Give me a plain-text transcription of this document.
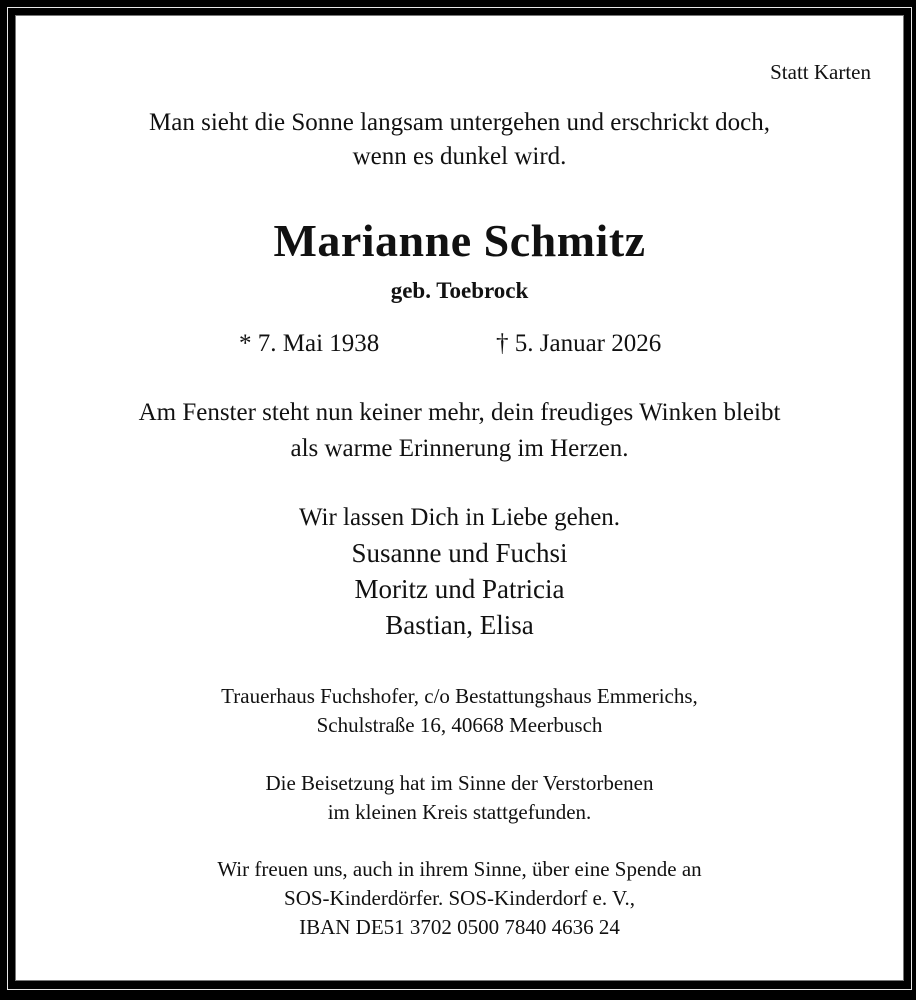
Statt Karten
Man sieht die Sonne langsam untergehen und erschrickt doch,
wenn es dunkel wird.
Marianne Schmitz
geb. Toebrock
* 7. Mai 1938	† 5. Januar 2026
Am Fenster steht nun keiner mehr, dein freudiges Winken bleibt
als warme Erinnerung im Herzen.
Wir lassen Dich in Liebe gehen.
Susanne und Fuchsi
Moritz und Patricia
Bastian, Elisa
Trauerhaus Fuchshofer, c/o Bestattungshaus Emmerichs,
Schulstraße 16, 40668 Meerbusch
Die Beisetzung hat im Sinne der Verstorbenen
im kleinen Kreis stattgefunden.
Wir freuen uns, auch in ihrem Sinne, über eine Spende an
SOS-Kinderdörfer. SOS-Kinderdorf e. V.,
IBAN DE51 3702 0500 7840 4636 24
